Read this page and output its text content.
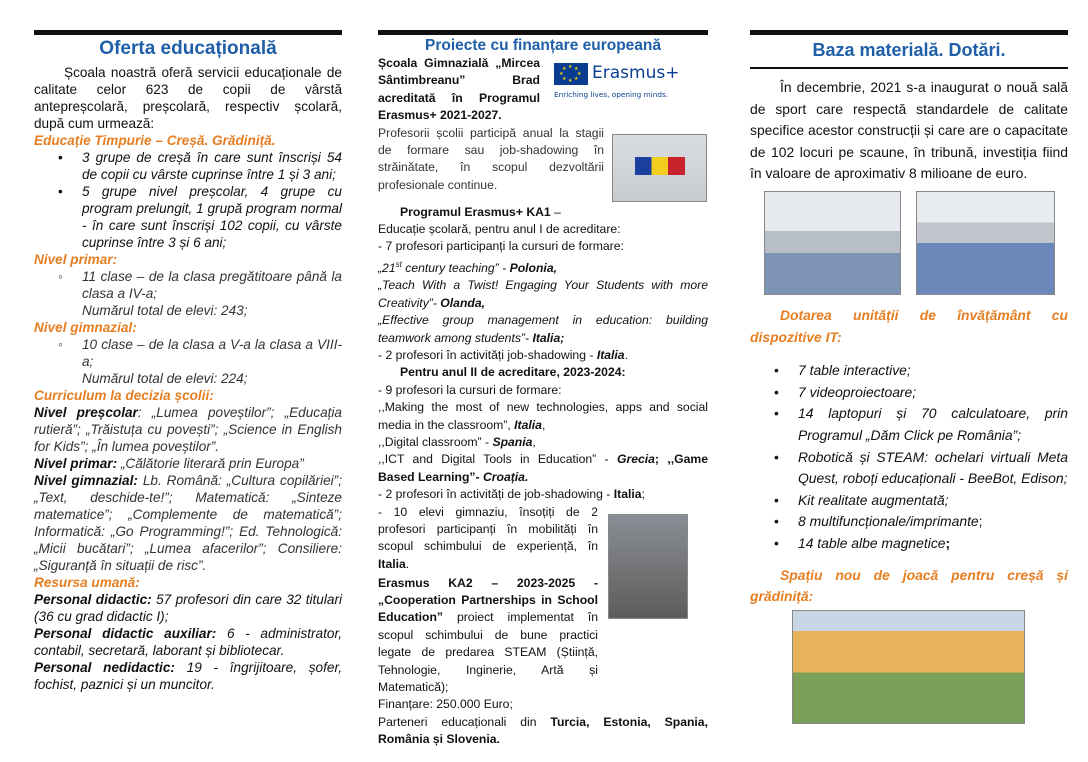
Oferta educațională

Școala noastră oferă servicii educaționale de calitate celor 623 de copii de vârstă antepreșcolară, preșcolară, respectiv școlară, după cum urmează:

Educație Timpurie – Creșă. Grădiniță.

• 3 grupe de creșă în care sunt înscriși 54 de copii cu vârste cuprinse între 1 și 3 ani;
• 5 grupe nivel preșcolar, 4 grupe cu program prelungit, 1 grupă program normal - în care sunt înscriși 102 copii, cu vârste cuprinse între 3 și 6 ani;

Nivel primar:

◦ 11 clase – de la clasa pregătitoare până la clasa a IV-a;
Numărul total de elevi: 243;

Nivel gimnazial:

◦ 10 clase – de la clasa a V-a la clasa a VIII-a;
Numărul total de elevi: 224;

Curriculum la decizia școlii:

Nivel preșcolar: „Lumea poveștilor”; „Educația rutieră”; „Trăistuța cu povești”; „Science in English for Kids”; „În lumea poveștilor”.

Nivel primar: „Călătorie literară prin Europa”

Nivel gimnazial: Lb. Română: „Cultura copilăriei”; „Text, deschide-te!”; Matematică: „Sinteze matematice”; „Complemente de matematică”; Informatică: „Go Programming!”; Ed. Tehnologică: „Micii bucătari”; „Lumea afacerilor”; Consiliere: „Siguranță în situații de risc”.

Resursa umană:

Personal didactic: 57 profesori din care 32 titulari (36 cu grad didactic I);

Personal didactic auxiliar: 6 - administrator, contabil, secretară, laborant și bibliotecar.

Personal nedidactic: 19 - îngrijitoare, șofer, fochist, paznici și un muncitor.

Proiecte cu finanțare europeană

Școala Gimnazială „Mircea Sântimbreanu” Brad acreditată în Programul Erasmus+ 2021-2027.

★ ★
★
★
★
★
★
★ Erasmus+
Enriching lives, opening minds.

Profesorii școlii participă anual la stagii de formare sau job-shadowing în străinătate, în scopul dezvoltării profesionale continue.

Programul Erasmus+ KA1 –

Educație școlară, pentru anul I de acreditare:

- 7 profesori participanți la cursuri de formare:

„21st century teaching” - Polonia,

„Teach With a Twist! Engaging Your Students with more Creativity”- Olanda,

„Effective group management in education: building teamwork among students”- Italia;

- 2 profesori în activități job-shadowing - Italia.

Pentru anul II de acreditare, 2023-2024:

- 9 profesori la cursuri de formare:

,,Making the most of new technologies, apps and social media in the classroom”, Italia,

,,Digital classroom” - Spania,

,,ICT and Digital Tools in Education” - Grecia; ,,Game Based Learning”- Croația.

- 2 profesori în activități de job-shadowing - Italia;

- 10 elevi gimnaziu, însoțiți de 2 profesori participanți în mobilități în scopul schimbului de experiență, în Italia.

Erasmus KA2 – 2023-2025 - „Cooperation Partnerships in School Education” proiect implementat în scopul schimbului de bune practici legate de predarea STEAM (Știință, Tehnologie, Inginerie, Artă și Matematică);

Finanțare: 250.000 Euro;

Parteneri educaționali din Turcia, Estonia, Spania, România și Slovenia.

Baza materială. Dotări.

În decembrie, 2021 s-a inaugurat o nouă sală de sport care respectă standardele de calitate specifice acestor construcții și care are o capacitate de 102 locuri pe scaune, în tribună, investiția fiind în valoare de aproximativ 8 milioane de euro.

Dotarea unității de învățământ cu dispozitive IT:

• 7 table interactive;
• 7 videoproiectoare;
• 14 laptopuri și 70 calculatoare, prin Programul „Dăm Click pe România”;
• Robotică și STEAM: ochelari virtuali Meta Quest, roboți educaționali - BeeBot, Edison;
• Kit realitate augmentată;
• 8 multifuncționale/imprimante;
• 14 table albe magnetice;

Spațiu nou de joacă pentru creșă și grădiniță:
